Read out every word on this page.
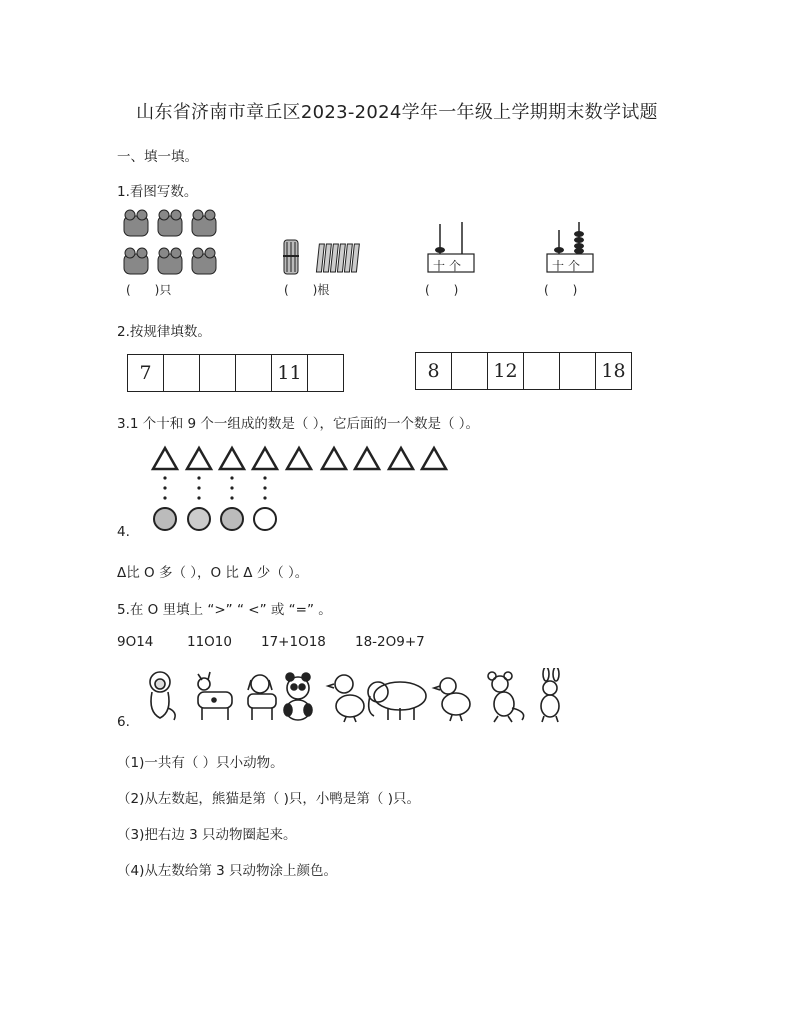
山东省济南市章丘区2023-2024学年一年级上学期期末数学试题
一、填一填。
1.看图写数。
(　　)只	(　　)根
十个
(　　)
十个
(　　)
2.按规律填数。
7	11	8	12	18
3.1 个十和 9 个一组成的数是（ ），它后面的一个数是（ ）。
4.
Δ比 O 多（ ），O 比 Δ 少（ ）。
5.在 O 里填上 “>” “ <” 或 “=” 。
9O14 11O10 17+1O18 18-2O9+7
6.
（1)一共有（ ）只小动物。
（2)从左数起，熊猫是第（ )只，小鸭是第（ )只。
（3)把右边 3 只动物圈起来。
（4)从左数给第 3 只动物涂上颜色。
